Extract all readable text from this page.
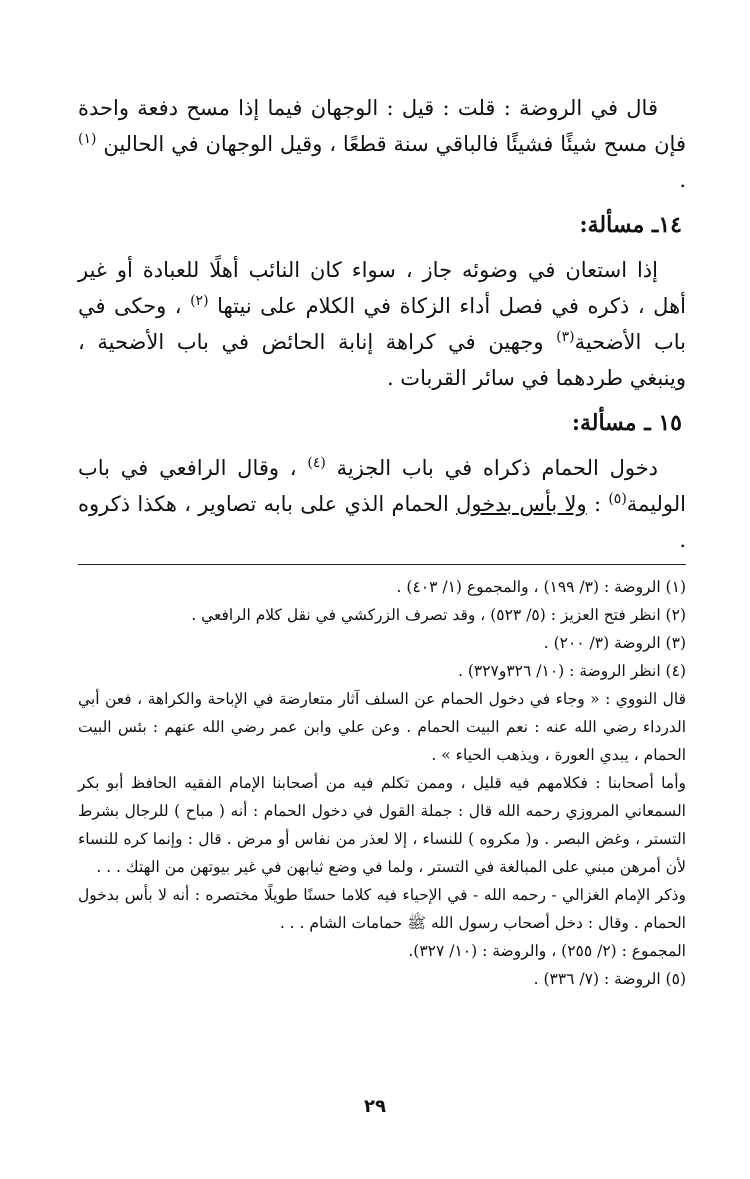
قال في الروضة : قلت : قيل : الوجهان فيما إذا مسح دفعة واحدة فإن مسح شيئًا فشيئًا فالباقي سنة قطعًا ، وقيل الوجهان في الحالين $^{(١)}$ .

١٤ـ مسألة:

إذا استعان في وضوئه جاز ، سواء كان النائب أهلًا للعبادة أو غير أهل ، ذكره في فصل أداء الزكاة في الكلام على نيتها $^{(٢)}$ ، وحكى في باب الأضحية$^{(٣)}$ وجهين في كراهة إنابة الحائض في باب الأضحية ، وينبغي طردهما في سائر القربات .

١٥ ـ مسألة:

دخول الحمام ذكراه في باب الجزية $^{(٤)}$ ، وقال الرافعي في باب الوليمة$^{(٥)}$ : ولا بأس بدخول الحمام الذي على بابه تصاوير ، هكذا ذكروه .

(١) الروضة : (٣/ ١٩٩) ، والمجموع (١/ ٤٠٣) .

(٢) انظر فتح العزيز : (٥/ ٥٢٣) ، وقد تصرف الزركشي في نقل كلام الرافعي .

(٣) الروضة (٣/ ٢٠٠) .

(٤) انظر الروضة : (١٠/ ٣٢٦و٣٢٧) .

قال النووي : « وجاء في دخول الحمام عن السلف آثار متعارضة في الإباحة والكراهة ، فعن أبي الدرداء رضي الله عنه : نعم البيت الحمام . وعن علي وابن عمر رضي الله عنهم : بئس البيت الحمام ، يبدي العورة ، ويذهب الحياء » .

وأما أصحابنا : فكلامهم فيه قليل ، وممن تكلم فيه من أصحابنا الإمام الفقيه الحافظ أبو بكر السمعاني المروزي رحمه الله قال : جملة القول في دخول الحمام : أنه ( مباح ) للرجال بشرط التستر ، وغض البصر . و( مكروه ) للنساء ، إلا لعذر من نفاس أو مرض . قال : وإنما كره للنساء لأن أمرهن مبني على المبالغة في التستر ، ولما في وضع ثيابهن في غير بيوتهن من الهتك . . .

وذكر الإمام الغزالي - رحمه الله - في الإحياء فيه كلاما حسنًا طويلًا مختصره : أنه لا بأس بدخول الحمام . وقال : دخل أصحاب رسول الله ﷺ حمامات الشام . . .

المجموع : (٢/ ٢٥٥) ، والروضة : (١٠/ ٣٢٧).

(٥) الروضة : (٧/ ٣٣٦) .

٢٩
